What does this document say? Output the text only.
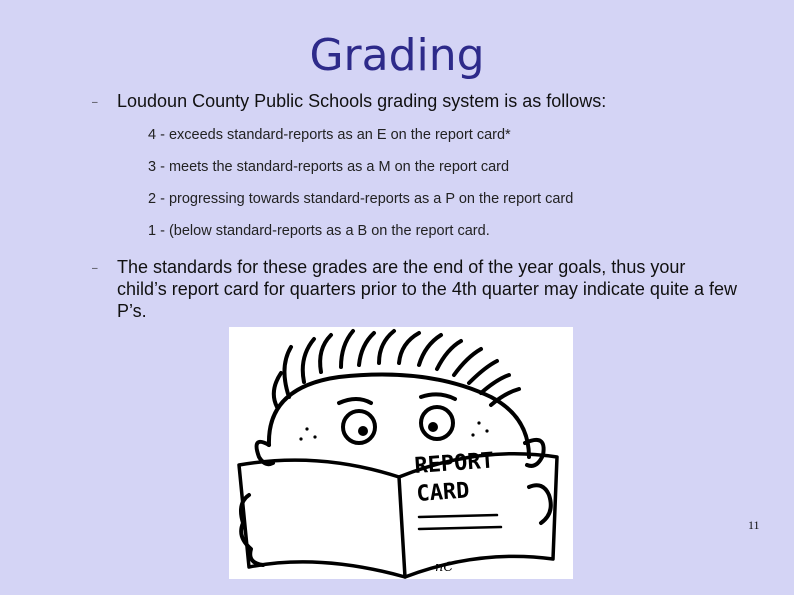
Grading
– Loudoun County Public Schools grading system is as follows:
4 - exceeds standard-reports as an E on the report card*
3 - meets the standard-reports as a M on the report card
2 - progressing towards standard-reports as a P on the report card
1 - (below standard-reports as a B on the report card.
– The standards for these grades are the end of the year goals, thus your child’s report card for quarters prior to the 4th quarter may indicate quite a few P’s.
REPORT
CARD
nC
11
